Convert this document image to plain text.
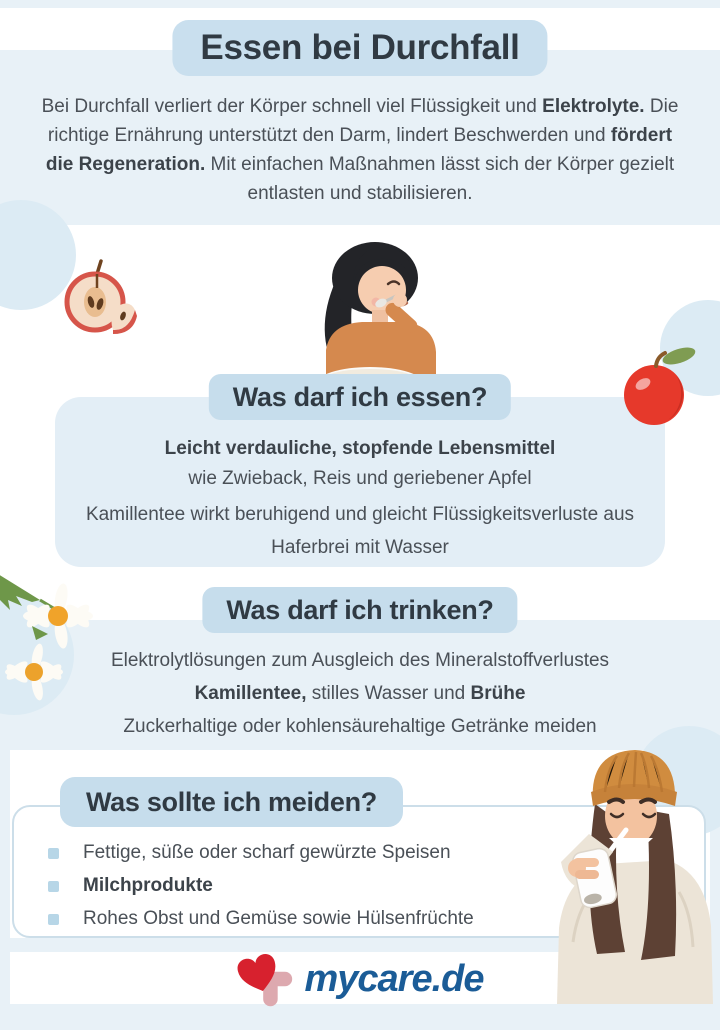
Essen bei Durchfall
Bei Durchfall verliert der Körper schnell viel Flüssigkeit und Elektrolyte. Die richtige Ernährung unterstützt den Darm, lindert Beschwerden und fördert die Regeneration. Mit einfachen Maßnahmen lässt sich der Körper gezielt entlasten und stabilisieren.
Was darf ich essen?
Leicht verdauliche, stopfende Lebensmittel
wie Zwieback, Reis und geriebener Apfel
Kamillentee wirkt beruhigend und gleicht Flüssigkeitsverluste aus
Haferbrei mit Wasser
Was darf ich trinken?
Elektrolytlösungen zum Ausgleich des Mineralstoffverlustes
Kamillentee, stilles Wasser und Brühe
Zuckerhaltige oder kohlensäurehaltige Getränke meiden
Was sollte ich meiden?
Fettige, süße oder scharf gewürzte Speisen
Milchprodukte
Rohes Obst und Gemüse sowie Hülsenfrüchte
mycare.de
